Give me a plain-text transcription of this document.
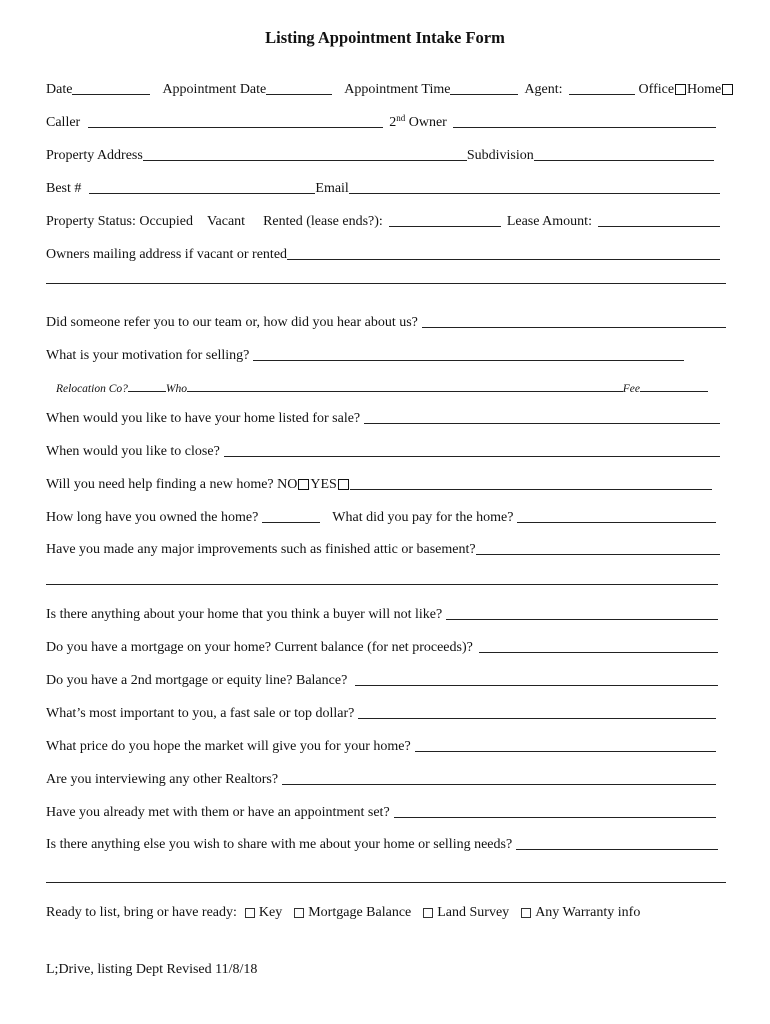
Listing Appointment Intake Form
Date	Appointment Date	Appointment Time	Agent:	Office Home
Caller	2nd Owner
Property Address	Subdivision
Best #	Email
Property Status: Occupied Vacant Rented (lease ends?):	Lease Amount:
Owners mailing address if vacant or rented
Did someone refer you to our team or, how did you hear about us?
What is your motivation for selling?
Relocation Co?	Who	Fee
When would you like to have your home listed for sale?
When would you like to close?
Will you need help finding a new home? NO YES
How long have you owned the home?	What did you pay for the home?
Have you made any major improvements such as finished attic or basement?
Is there anything about your home that you think a buyer will not like?
Do you have a mortgage on your home? Current balance (for net proceeds)?
Do you have a 2nd mortgage or equity line? Balance?
What’s most important to you, a fast sale or top dollar?
What price do you hope the market will give you for your home?
Are you interviewing any other Realtors?
Have you already met with them or have an appointment set?
Is there anything else you wish to share with me about your home or selling needs?
Ready to list, bring or have ready: Key Mortgage Balance Land Survey Any Warranty info
L;Drive, listing Dept Revised 11/8/18
